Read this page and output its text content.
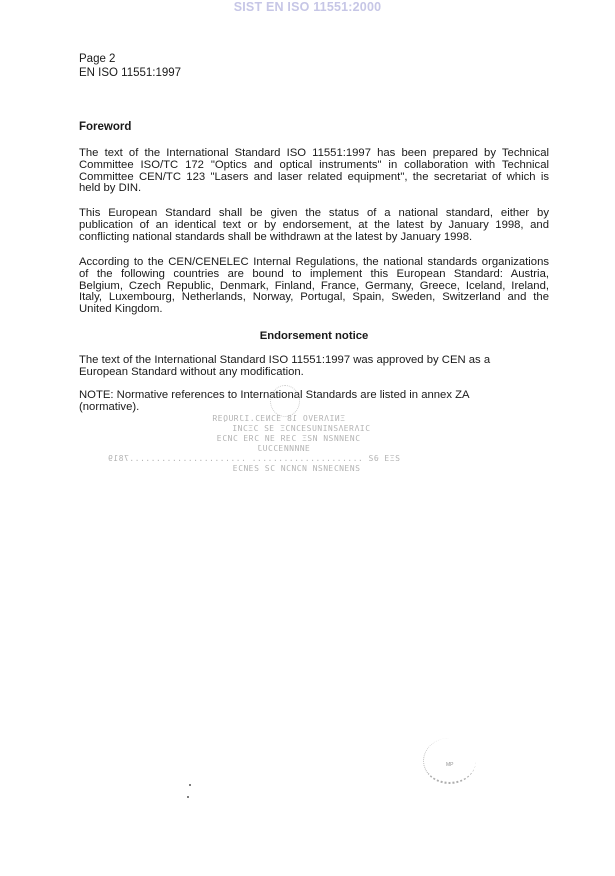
SIST EN ISO 11551:2000
Page 2
EN ISO 11551:1997
Foreword
The text of the International Standard ISO 11551:1997 has been prepared by Technical
Committee ISO/TC 172 "Optics and optical instruments" in collaboration with Technical
Committee CEN/TC 123 "Lasers and laser related equipment", the secretariat of which is
held by DIN.
This European Standard shall be given the status of a national standard, either by
publication of an identical text or by endorsement, at the latest by January 1998, and
conflicting national standards shall be withdrawn at the latest by January 1998.
According to the CEN/CENELEC Internal Regulations, the national standards organizations
of the following countries are bound to implement this European Standard: Austria,
Belgium, Czech Republic, Denmark, Finland, France, Germany, Greece, Iceland, Ireland,
Italy, Luxembourg, Netherlands, Norway, Portugal, Spain, Sweden, Switzerland and the
United Kingdom.
Endorsement notice
The text of the International Standard ISO 11551:1997 was approved by CEN as a
European Standard without any modification.
NOTE: Normative references to International Standards are listed in annex ZA
(normative).
ΞNIΛЯƎVO 18 ƎƆNƎƆ.IJЯUQƎЯ
ƆIΛЯƎΛƧИIИUƧƎƆИƆΞ ƎƧ ƆΞƆИI
ƆИƎИИƧИ ИƧΞ ƆƎЯ ƎИ ƆЯƎ ƆИƆƎ
ƎИИИИƎƆƆUJ
ƧΞƎ ƏƧ ..................... ......................7819
ƧИƎИƆƎИƧИ ИƆИƆИ ƆƧ ƧƎИƆƎ
MP
